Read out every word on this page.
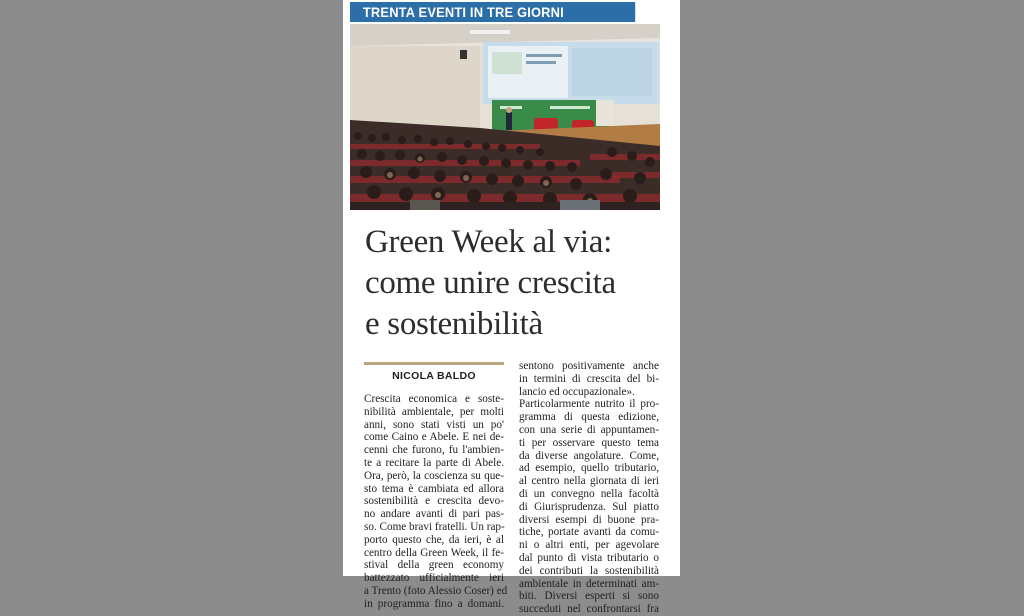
TRENTA EVENTI IN TRE GIORNI
Green Week al via:
come unire crescita
e sostenibilità
NICOLA BALDO
Crescita economica e soste-
nibilità ambientale, per molti
anni, sono stati visti un po'
come Caino e Abele. E nei de-
cenni che furono, fu l'ambien-
te a recitare la parte di Abele.
Ora, però, la coscienza su que-
sto tema è cambiata ed allora
sostenibilità e crescita devo-
no andare avanti di pari pas-
so. Come bravi fratelli. Un rap-
porto questo che, da ieri, è al
centro della Green Week, il fe-
stival della green economy
battezzato ufficialmente ieri
a Trento (foto Alessio Coser) ed
in programma fino a domani.
sentono positivamente anche
in termini di crescita del bi-
lancio ed occupazionale».
Particolarmente nutrito il pro-
gramma di questa edizione,
con una serie di appuntamen-
ti per osservare questo tema
da diverse angolature. Come,
ad esempio, quello tributario,
al centro nella giornata di ieri
di un convegno nella facoltà
di Giurisprudenza. Sul piatto
diversi esempi di buone pra-
tiche, portate avanti da comu-
ni o altri enti, per agevolare
dal punto di vista tributario o
dei contributi la sostenibilità
ambientale in determinati am-
biti. Diversi esperti si sono
succeduti nel confrontarsi fra
